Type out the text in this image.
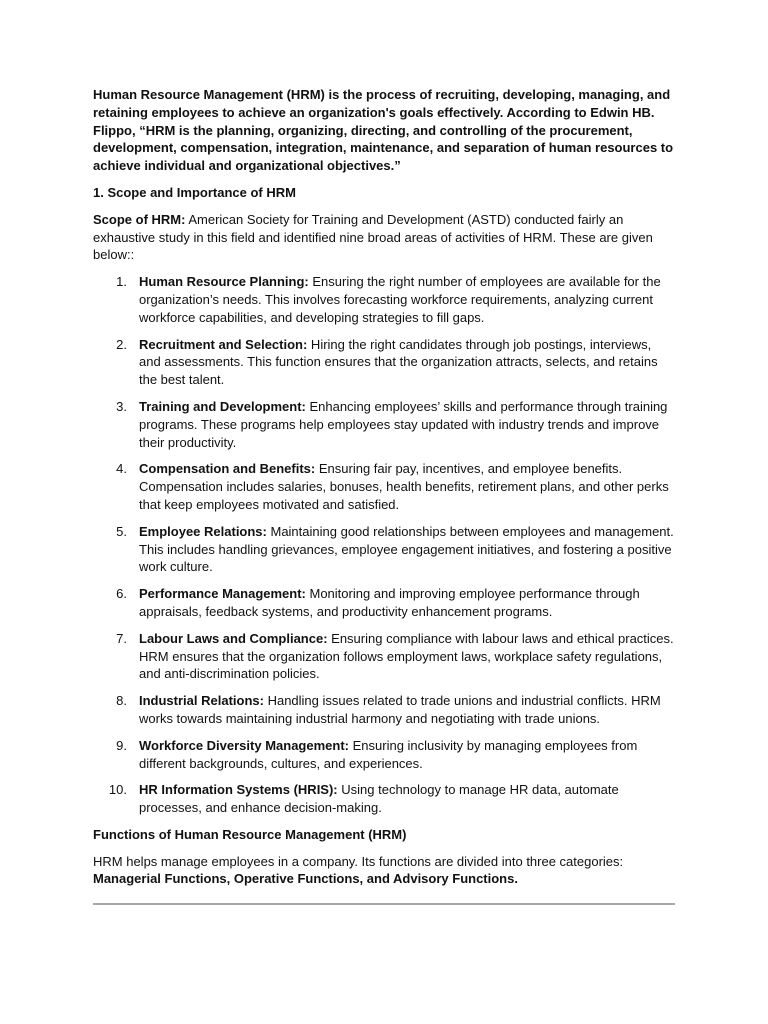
Human Resource Management (HRM) is the process of recruiting, developing, managing, and retaining employees to achieve an organization's goals effectively. According to Edwin HB. Flippo, “HRM is the planning, organizing, directing, and controlling of the procurement, development, compensation, integration, maintenance, and separation of human resources to achieve individual and organizational objectives.”

1. Scope and Importance of HRM

Scope of HRM: American Society for Training and Development (ASTD) conducted fairly an exhaustive study in this field and identified nine broad areas of activities of HRM. These are given below::

1. Human Resource Planning: Ensuring the right number of employees are available for the organization’s needs. This involves forecasting workforce requirements, analyzing current workforce capabilities, and developing strategies to fill gaps.
2. Recruitment and Selection: Hiring the right candidates through job postings, interviews, and assessments. This function ensures that the organization attracts, selects, and retains the best talent.
3. Training and Development: Enhancing employees’ skills and performance through training programs. These programs help employees stay updated with industry trends and improve their productivity.
4. Compensation and Benefits: Ensuring fair pay, incentives, and employee benefits. Compensation includes salaries, bonuses, health benefits, retirement plans, and other perks that keep employees motivated and satisfied.
5. Employee Relations: Maintaining good relationships between employees and management. This includes handling grievances, employee engagement initiatives, and fostering a positive work culture.
6. Performance Management: Monitoring and improving employee performance through appraisals, feedback systems, and productivity enhancement programs.
7. Labour Laws and Compliance: Ensuring compliance with labour laws and ethical practices. HRM ensures that the organization follows employment laws, workplace safety regulations, and anti-discrimination policies.
8. Industrial Relations: Handling issues related to trade unions and industrial conflicts. HRM works towards maintaining industrial harmony and negotiating with trade unions.
9. Workforce Diversity Management: Ensuring inclusivity by managing employees from different backgrounds, cultures, and experiences.
10. HR Information Systems (HRIS): Using technology to manage HR data, automate processes, and enhance decision-making.

Functions of Human Resource Management (HRM)

HRM helps manage employees in a company. Its functions are divided into three categories: Managerial Functions, Operative Functions, and Advisory Functions.
